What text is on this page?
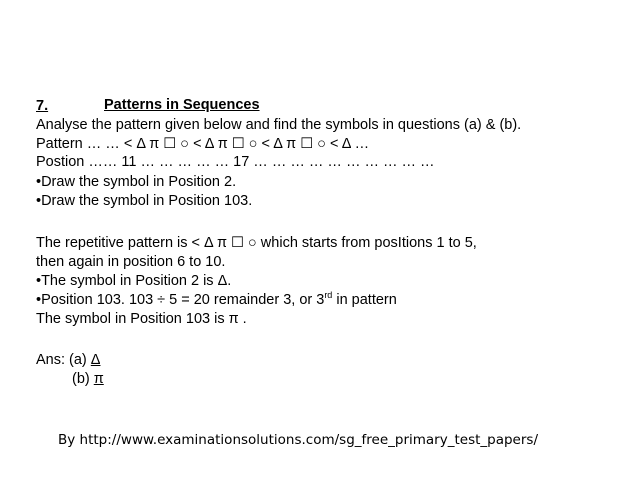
7.	Patterns in Sequences
Analyse the pattern given below and find the symbols in questions (a) & (b).
Pattern … … < Δ π ☐ ○ < Δ π ☐ ○ < Δ π ☐ ○ < Δ …
Postion …… 11 … … … … … 17 … … … … … … … … … …
•Draw the symbol in Position 2.
•Draw the symbol in Position 103.
The repetitive pattern is < Δ π ☐ ○ which starts from posItions 1 to 5,
then again in position 6 to 10.
•The symbol in Position 2 is Δ.
•Position 103. 103 ÷ 5 = 20 remainder 3, or 3rd in pattern
The symbol in Position 103 is π .
Ans: (a) Δ
(b) π
By http://www.examinationsolutions.com/sg_free_primary_test_papers/
